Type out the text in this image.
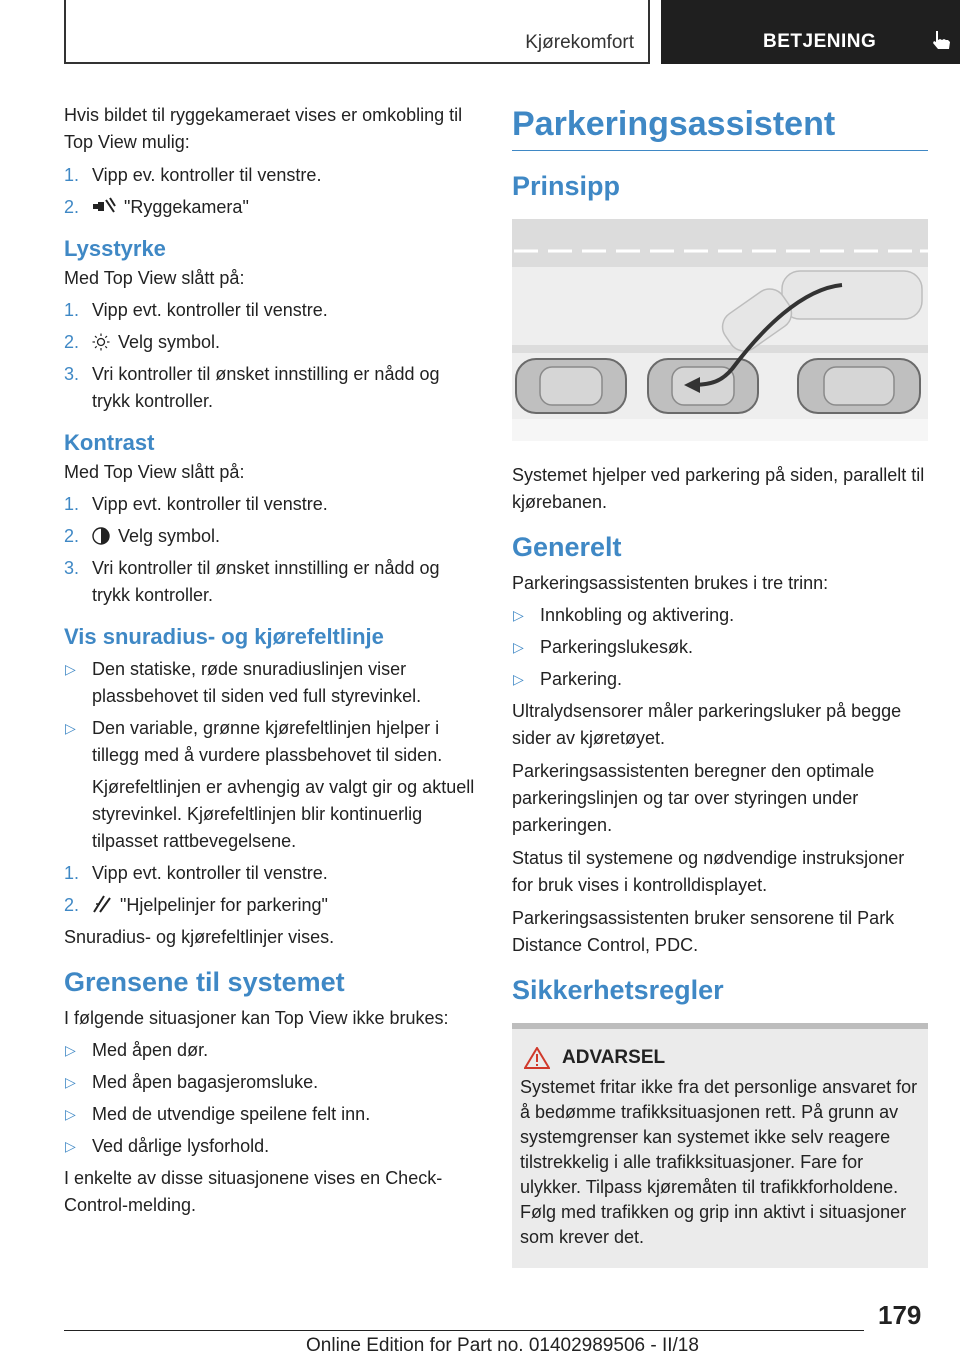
Kjørekomfort	BETJENING

Hvis bildet til ryggekameraet vises er omkobling til Top View mulig:

1. Vipp ev. kontroller til venstre.
2. "Ryggekamera"
Lysstyrke

Med Top View slått på:

1. Vipp evt. kontroller til venstre.
2. Velg symbol.
3. Vri kontroller til ønsket innstilling er nådd og trykk kontroller.
Kontrast

Med Top View slått på:

1. Vipp evt. kontroller til venstre.
2. Velg symbol.
3. Vri kontroller til ønsket innstilling er nådd og trykk kontroller.
Vis snuradius- og kjørefeltlinje
▷ Den statiske, røde snuradiuslinjen viser plassbehovet til siden ved full styrevinkel.
▷ Den variable, grønne kjørefeltlinjen hjelper i tillegg med å vurdere plassbehovet til siden.

Kjørefeltlinjen er avhengig av valgt gir og aktuell styrevinkel. Kjørefeltlinjen blir kontinuerlig tilpasset rattbevegelsene.

1. Vipp evt. kontroller til venstre.
2. "Hjelpelinjer for parkering"

Snuradius- og kjørefeltlinjer vises.

Grensene til systemet

I følgende situasjoner kan Top View ikke brukes:

▷ Med åpen dør.
▷ Med åpen bagasjeromsluke.
▷ Med de utvendige speilene felt inn.
▷ Ved dårlige lysforhold.

I enkelte av disse situasjonene vises en Check-Control-melding.

Parkeringsassistent
Prinsipp

Systemet hjelper ved parkering på siden, parallelt til kjørebanen.

Generelt

Parkeringsassistenten brukes i tre trinn:

▷ Innkobling og aktivering.
▷ Parkeringslukesøk.
▷ Parkering.

Ultralydsensorer måler parkeringsluker på begge sider av kjøretøyet.

Parkeringsassistenten beregner den optimale parkeringslinjen og tar over styringen under parkeringen.

Status til systemene og nødvendige instruksjoner for bruk vises i kontrolldisplayet.

Parkeringsassistenten bruker sensorene til Park Distance Control, PDC.

Sikkerhetsregler
ADVARSEL

Systemet fritar ikke fra det personlige ansvaret for å bedømme trafikksituasjonen rett. På grunn av systemgrenser kan systemet ikke selv reagere tilstrekkelig i alle trafikksituasjoner. Fare for ulykker. Tilpass kjøremåten til trafikkforholdene. Følg med trafikken og grip inn aktivt i situasjoner som krever det.

179
Online Edition for Part no. 01402989506 - II/18
